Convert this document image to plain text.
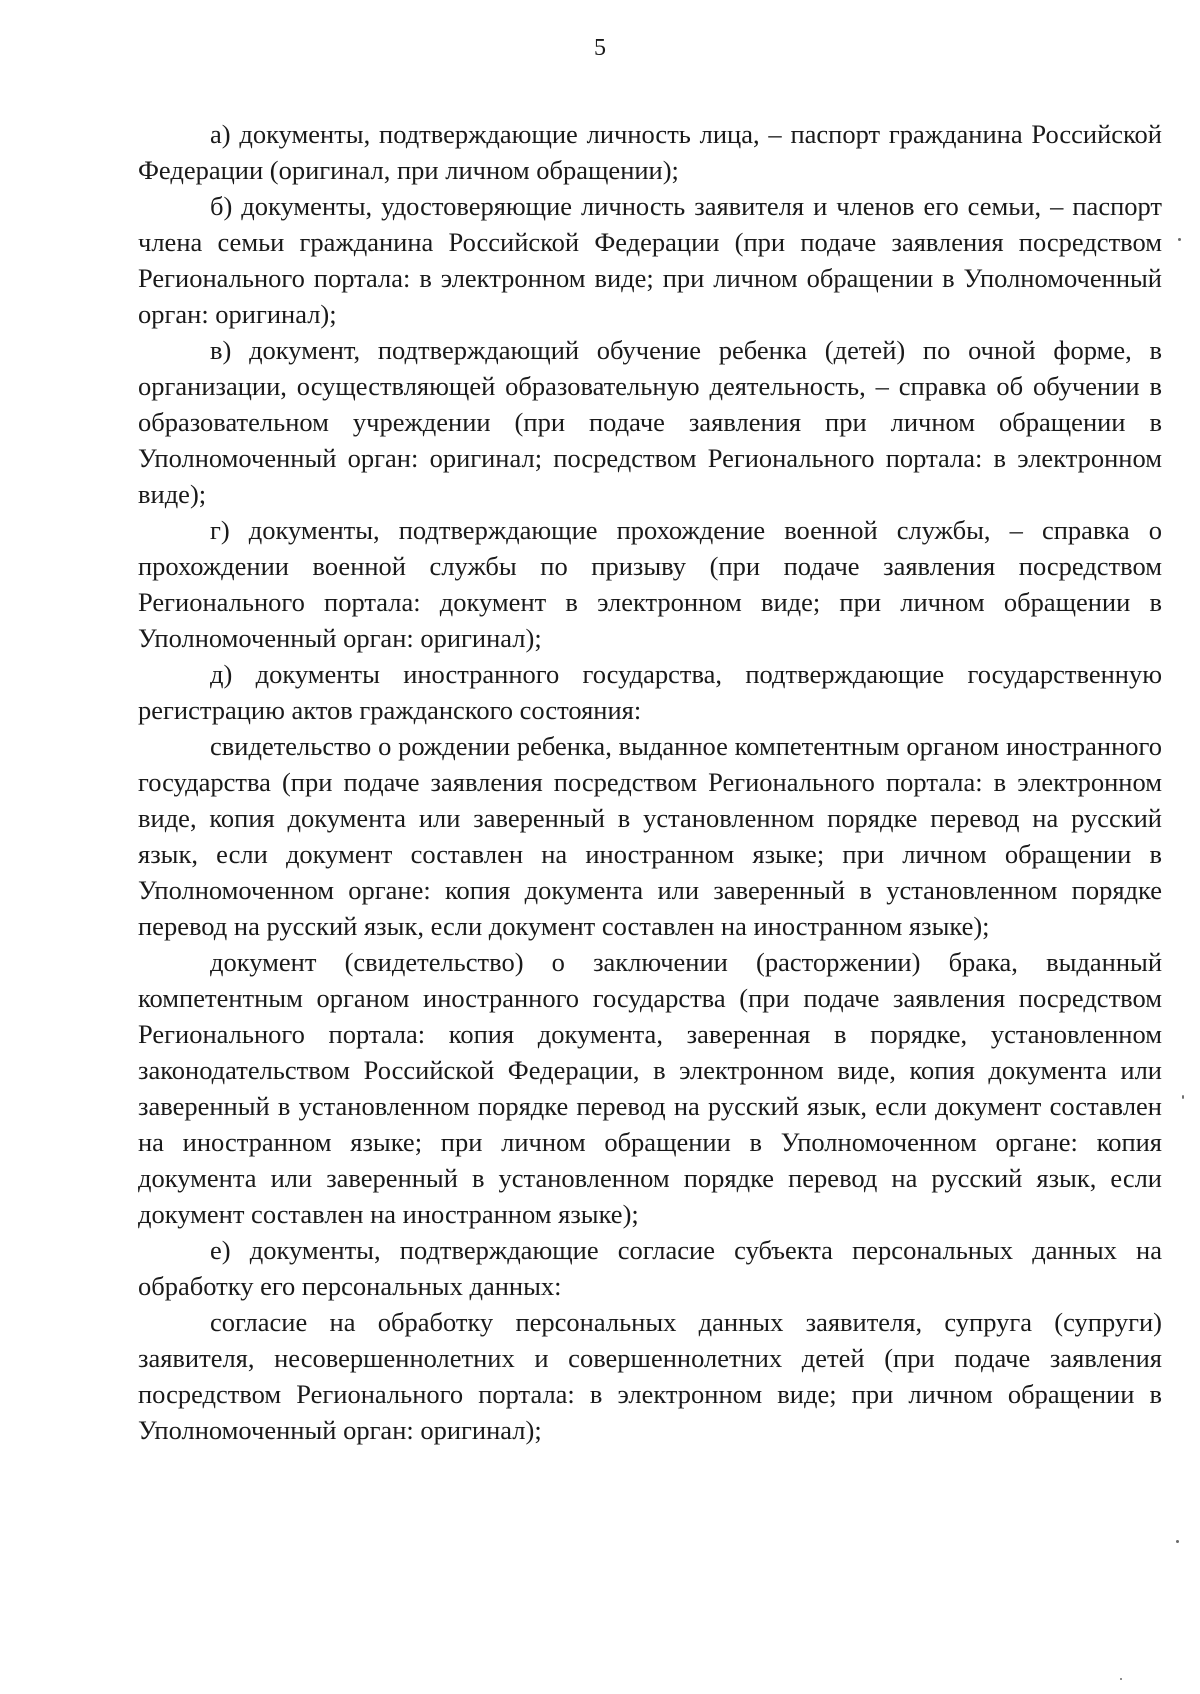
5

а) документы, подтверждающие личность лица, – паспорт гражданина Российской Федерации (оригинал, при личном обращении);

б) документы, удостоверяющие личность заявителя и членов его семьи, – паспорт члена семьи гражданина Российской Федерации (при подаче заявления посредством Регионального портала: в электронном виде; при личном обращении в Уполномоченный орган: оригинал);

в) документ, подтверждающий обучение ребенка (детей) по очной форме, в организации, осуществляющей образовательную деятельность, – справка об обучении в образовательном учреждении (при подаче заявления при личном обращении в Уполномоченный орган: оригинал; посредством Регионального портала: в электронном виде);

г) документы, подтверждающие прохождение военной службы, – справка о прохождении военной службы по призыву (при подаче заявления посредством Регионального портала: документ в электронном виде; при личном обращении в Уполномоченный орган: оригинал);

д) документы иностранного государства, подтверждающие государственную регистрацию актов гражданского состояния:

свидетельство о рождении ребенка, выданное компетентным органом иностранного государства (при подаче заявления посредством Регионального портала: в электронном виде, копия документа или заверенный в установленном порядке перевод на русский язык, если документ составлен на иностранном языке; при личном обращении в Уполномоченном органе: копия документа или заверенный в установленном порядке перевод на русский язык, если документ составлен на иностранном языке);

документ (свидетельство) о заключении (расторжении) брака, выданный компетентным органом иностранного государства (при подаче заявления посредством Регионального портала: копия документа, заверенная в порядке, установленном законодательством Российской Федерации, в электронном виде, копия документа или заверенный в установленном порядке перевод на русский язык, если документ составлен на иностранном языке; при личном обращении в Уполномоченном органе: копия документа или заверенный в установленном порядке перевод на русский язык, если документ составлен на иностранном языке);

е) документы, подтверждающие согласие субъекта персональных данных на обработку его персональных данных:

согласие на обработку персональных данных заявителя, супруга (супруги) заявителя, несовершеннолетних и совершеннолетних детей (при подаче заявления посредством Регионального портала: в электронном виде; при личном обращении в Уполномоченный орган: оригинал);
